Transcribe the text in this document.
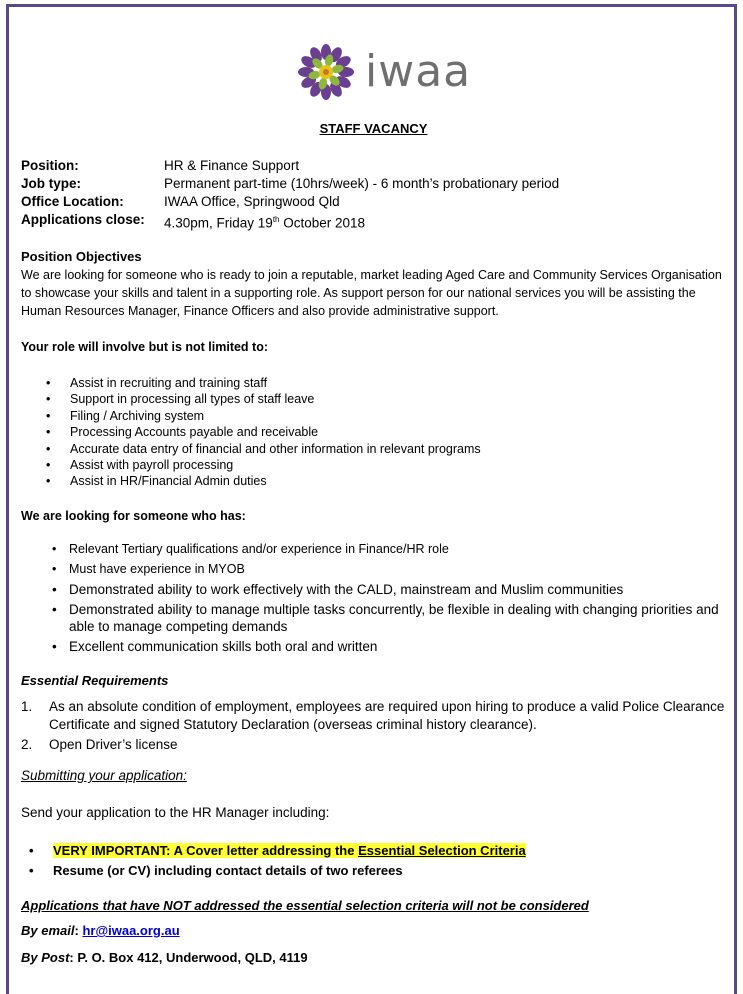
iwaa
STAFF VACANCY
Position:	HR & Finance Support
Job type:	Permanent part-time (10hrs/week) - 6 month’s probationary period
Office Location:	IWAA Office, Springwood Qld
Applications close:	4.30pm, Friday 19th October 2018
Position Objectives
We are looking for someone who is ready to join a reputable, market leading Aged Care and Community Services Organisation to showcase your skills and talent in a supporting role. As support person for our national services you will be assisting the Human Resources Manager, Finance Officers and also provide administrative support.
Your role will involve but is not limited to:
• Assist in recruiting and training staff
• Support in processing all types of staff leave
• Filing / Archiving system
• Processing Accounts payable and receivable
• Accurate data entry of financial and other information in relevant programs
• Assist with payroll processing
• Assist in HR/Financial Admin duties
We are looking for someone who has:
• Relevant Tertiary qualifications and/or experience in Finance/HR role
• Must have experience in MYOB
• Demonstrated ability to work effectively with the CALD, mainstream and Muslim communities
• Demonstrated ability to manage multiple tasks concurrently, be flexible in dealing with changing priorities and able to manage competing demands
• Excellent communication skills both oral and written
Essential Requirements
1. As an absolute condition of employment, employees are required upon hiring to produce a valid Police Clearance Certificate and signed Statutory Declaration (overseas criminal history clearance).
2. Open Driver’s license
Submitting your application:
Send your application to the HR Manager including:
• VERY IMPORTANT: A Cover letter addressing the Essential Selection Criteria
• Resume (or CV) including contact details of two referees
Applications that have NOT addressed the essential selection criteria will not be considered
By email: hr@iwaa.org.au
By Post: P. O. Box 412, Underwood, QLD, 4119
